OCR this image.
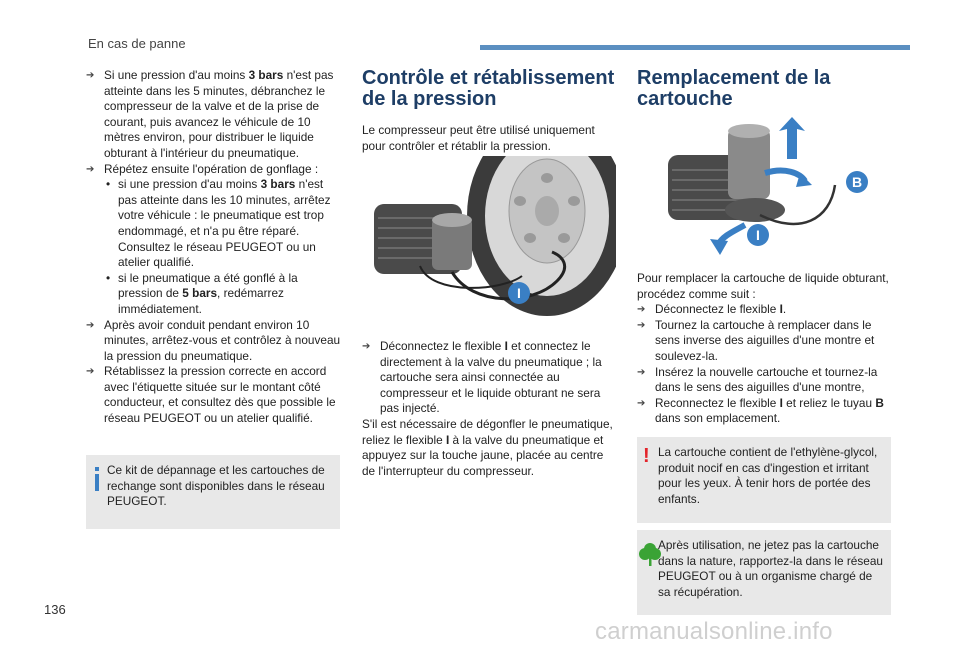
En cas de panne

➔ Si une pression d'au moins 3 bars n'est pas atteinte dans les 5 minutes, débranchez le compresseur de la valve et de la prise de courant, puis avancez le véhicule de 10 mètres environ, pour distribuer le liquide obturant à l'intérieur du pneumatique.

➔ Répétez ensuite l'opération de gonflage :

• si une pression d'au moins 3 bars n'est pas atteinte dans les 10 minutes, arrêtez votre véhicule : le pneumatique est trop endommagé, et n'a pu être réparé. Consultez le réseau PEUGEOT ou un atelier qualifié.

• si le pneumatique a été gonflé à la pression de 5 bars, redémarrez immédiatement.

➔ Après avoir conduit pendant environ 10 minutes, arrêtez-vous et contrôlez à nouveau la pression du pneumatique.

➔ Rétablissez la pression correcte en accord avec l'étiquette située sur le montant côté conducteur, et consultez dès que possible le réseau PEUGEOT ou un atelier qualifié.

Ce kit de dépannage et les cartouches de rechange sont disponibles dans le réseau PEUGEOT.
Contrôle et rétablissement de la pression

Le compresseur peut être utilisé uniquement pour contrôler et rétablir la pression.

I

➔ Déconnectez le flexible I et connectez le directement à la valve du pneumatique ; la cartouche sera ainsi connectée au compresseur et le liquide obturant ne sera pas injecté.

S'il est nécessaire de dégonfler le pneumatique, reliez le flexible I à la valve du pneumatique et appuyez sur la touche jaune, placée au centre de l'interrupteur du compresseur.

Remplacement de la cartouche
B
I

Pour remplacer la cartouche de liquide obturant, procédez comme suit :

➔ Déconnectez le flexible I.

➔ Tournez la cartouche à remplacer dans le sens inverse des aiguilles d'une montre et soulevez-la.

➔ Insérez la nouvelle cartouche et tournez-la dans le sens des aiguilles d'une montre,

➔ Reconnectez le flexible I et reliez le tuyau B dans son emplacement.

! La cartouche contient de l'ethylène-glycol, produit nocif en cas d'ingestion et irritant pour les yeux. À tenir hors de portée des enfants.
Après utilisation, ne jetez pas la cartouche dans la nature, rapportez-la dans le réseau PEUGEOT ou à un organisme chargé de sa récupération.
136
carmanualsonline.info
